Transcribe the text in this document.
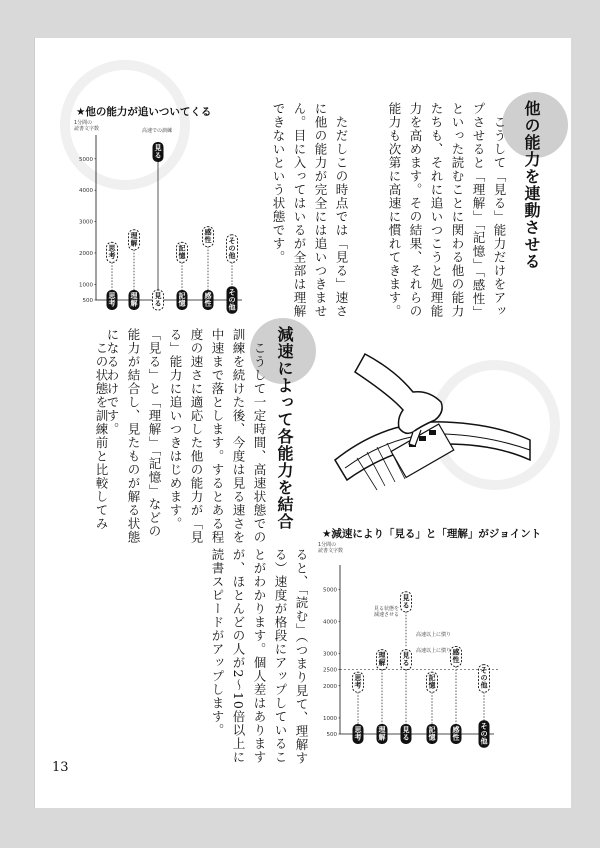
他の能力を連動させる
　こうして「見る」能力だけをアップさせると「理解」「記憶」「感性」といった読むことに関わる他の能力たちも、それに追いつこうと処理能力を高めます。その結果、それらの能力も次第に高速に慣れてきます。
　ただしこの時点では「見る」速さに他の能力が完全には追いつきません。目に入ってはいるが全部は理解できないという状態です。
減速によって各能力を結合
　こうして一定時間、高速状態での訓練を続けた後、今度は見る速さを中速まで落とします。するとある程度の速さに適応した他の能力が「見る」能力に追いつきはじめます。「見る」と「理解」「記憶」などの能力が結合し、見たものが解る状態になるわけです。
　この状態を訓練前と比較してみ
ると、「読む」（つまり見て、理解する）速度が格段にアップしていることがわかります。個人差はありますが、ほとんどの人が2～10倍以上に読書スピードがアップします。
★他の能力が追いついてくる
1分間の
読書文字数
500
1000
2000
3000
4000
5000
思
考
思
考
理
解
理
解
見
る
見
る
記
憶
記
憶
感
性
感
性
そ
の
他
そ
の
他
高速での訓練
★減速により「見る」と「理解」がジョイント
1分間の
読書文字数
500
1000
2000
2500
3000
4000
5000
思
考
思
考
理
解
理
解
見
る
見
る
記
憶
記
憶
感
性
感
性
そ
の
他
そ
の
他
見
る
見る状態を
減速させる
高速以上に慣り
高速以上に慣り
13
